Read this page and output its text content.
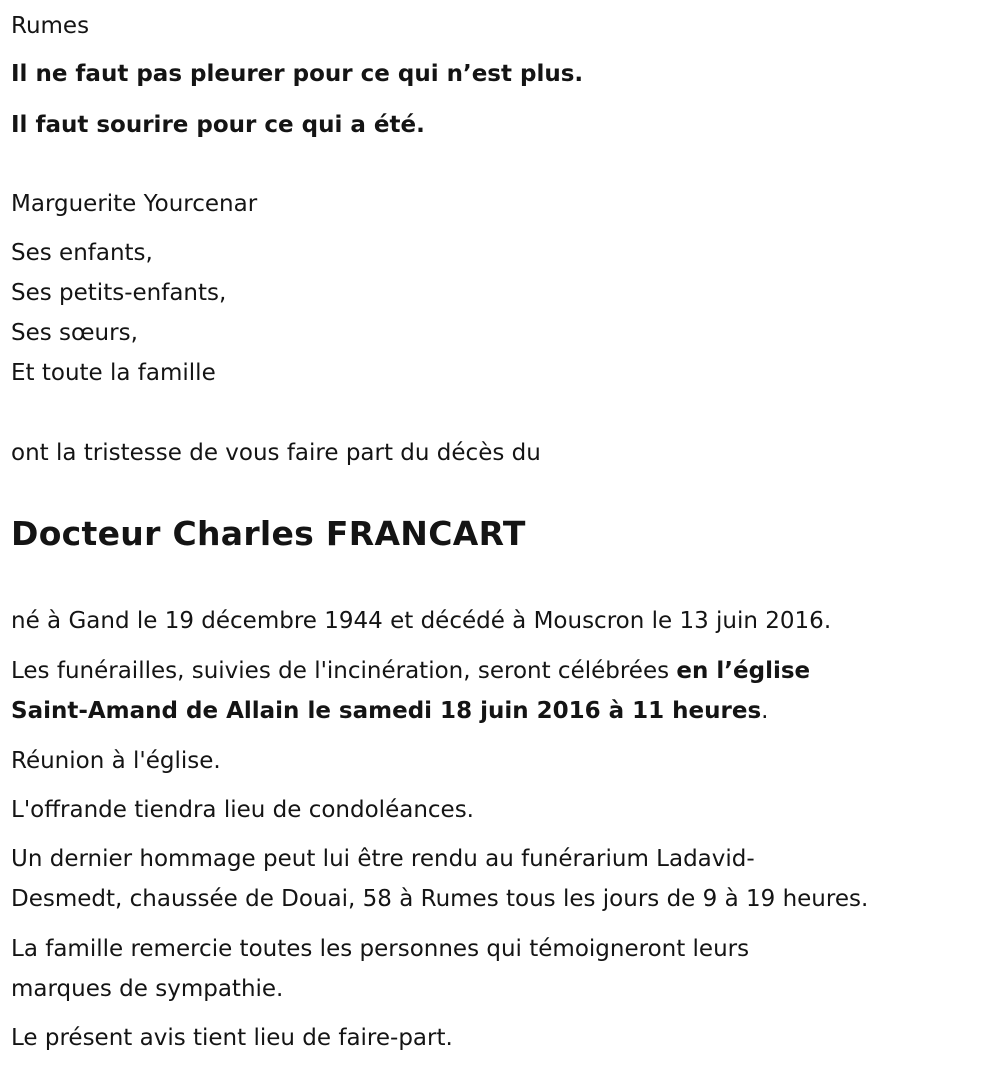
Rumes
Il ne faut pas pleurer pour ce qui n’est plus.
Il faut sourire pour ce qui a été.
Marguerite Yourcenar
Ses enfants,
Ses petits-enfants,
Ses sœurs,
Et toute la famille
ont la tristesse de vous faire part du décès du
Docteur Charles FRANCART
né à Gand le 19 décembre 1944 et décédé à Mouscron le 13 juin 2016.
Les funérailles, suivies de l'incinération, seront célébrées en l’église
Saint-Amand de Allain le samedi 18 juin 2016 à 11 heures.
Réunion à l'église.
L'offrande tiendra lieu de condoléances.
Un dernier hommage peut lui être rendu au funérarium Ladavid-
Desmedt, chaussée de Douai, 58 à Rumes tous les jours de 9 à 19 heures.
La famille remercie toutes les personnes qui témoigneront leurs
marques de sympathie.
Le présent avis tient lieu de faire-part.
